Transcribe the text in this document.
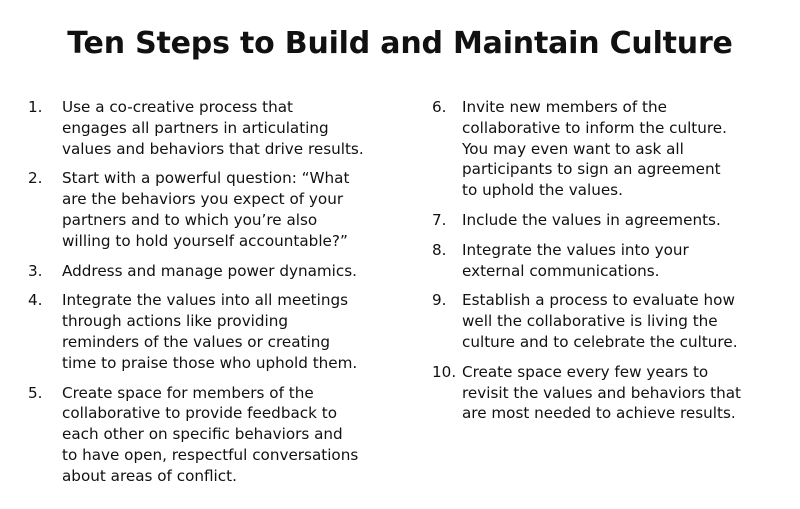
Ten Steps to Build and Maintain Culture
1.	Use a co-creative process that
engages all partners in articulating
values and behaviors that drive results.
2.	Start with a powerful question: “What
are the behaviors you expect of your
partners and to which you’re also
willing to hold yourself accountable?”
3.	Address and manage power dynamics.
4.	Integrate the values into all meetings
through actions like providing
reminders of the values or creating
time to praise those who uphold them.
5.	Create space for members of the
collaborative to provide feedback to
each other on specific behaviors and
to have open, respectful conversations
about areas of conflict.
6.	Invite new members of the
collaborative to inform the culture.
You may even want to ask all
participants to sign an agreement
to uphold the values.
7.	Include the values in agreements.
8.	Integrate the values into your
external communications.
9.	Establish a process to evaluate how
well the collaborative is living the
culture and to celebrate the culture.
10. Create space every few years to
revisit the values and behaviors that
are most needed to achieve results.
